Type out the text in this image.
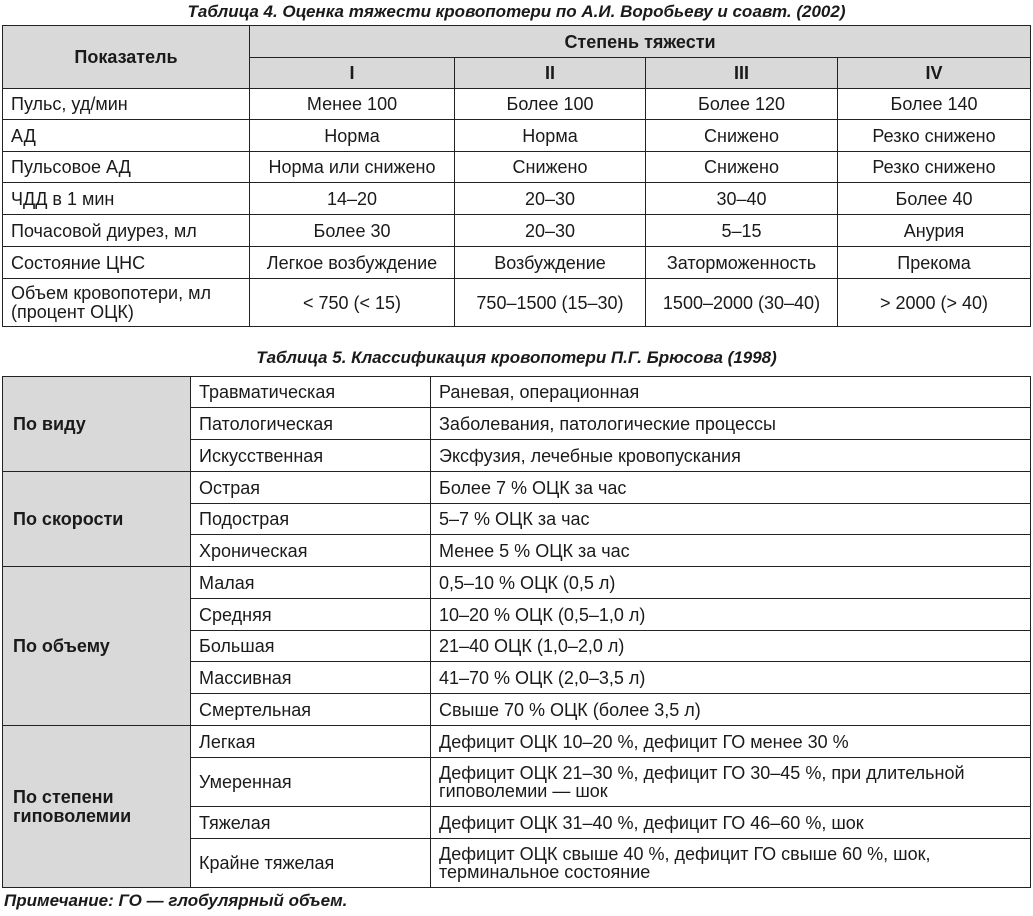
Таблица 4. Оценка тяжести кровопотери по А.И. Воробьеву и соавт. (2002)
Показатель	Степень тяжести			
	I	II	III	IV
Пульс, уд/мин	Менее 100	Более 100	Более 120	Более 140
АД	Норма	Норма	Снижено	Резко снижено
Пульсовое АД	Норма или снижено	Снижено	Снижено	Резко снижено
ЧДД в 1 мин	14–20	20–30	30–40	Более 40
Почасовой диурез, мл	Более 30	20–30	5–15	Анурия
Состояние ЦНС	Легкое возбуждение	Возбуждение	Заторможенность	Прекома
Объем кровопотери, мл (процент ОЦК)	< 750 (< 15)	750–1500 (15–30)	1500–2000 (30–40)	> 2000 (> 40)
Таблица 5. Классификация кровопотери П.Г. Брюсова (1998)
По виду	Травматическая	Раневая, операционная
	Патологическая	Заболевания, патологические процессы
	Искусственная	Эксфузия, лечебные кровопускания
По скорости	Острая	Более 7 % ОЦК за час
	Подострая	5–7 % ОЦК за час
	Хроническая	Менее 5 % ОЦК за час
По объему	Малая	0,5–10 % ОЦК (0,5 л)
	Средняя	10–20 % ОЦК (0,5–1,0 л)
	Большая	21–40 ОЦК (1,0–2,0 л)
	Массивная	41–70 % ОЦК (2,0–3,5 л)
	Смертельная	Свыше 70 % ОЦК (более 3,5 л)
По степени гиповолемии	Легкая	Дефицит ОЦК 10–20 %, дефицит ГО менее 30 %
	Умеренная	Дефицит ОЦК 21–30 %, дефицит ГО 30–45 %, при длительной гиповолемии — шок
	Тяжелая	Дефицит ОЦК 31–40 %, дефицит ГО 46–60 %, шок
	Крайне тяжелая	Дефицит ОЦК свыше 40 %, дефицит ГО свыше 60 %, шок, терминальное состояние
Примечание: ГО — глобулярный объем.
